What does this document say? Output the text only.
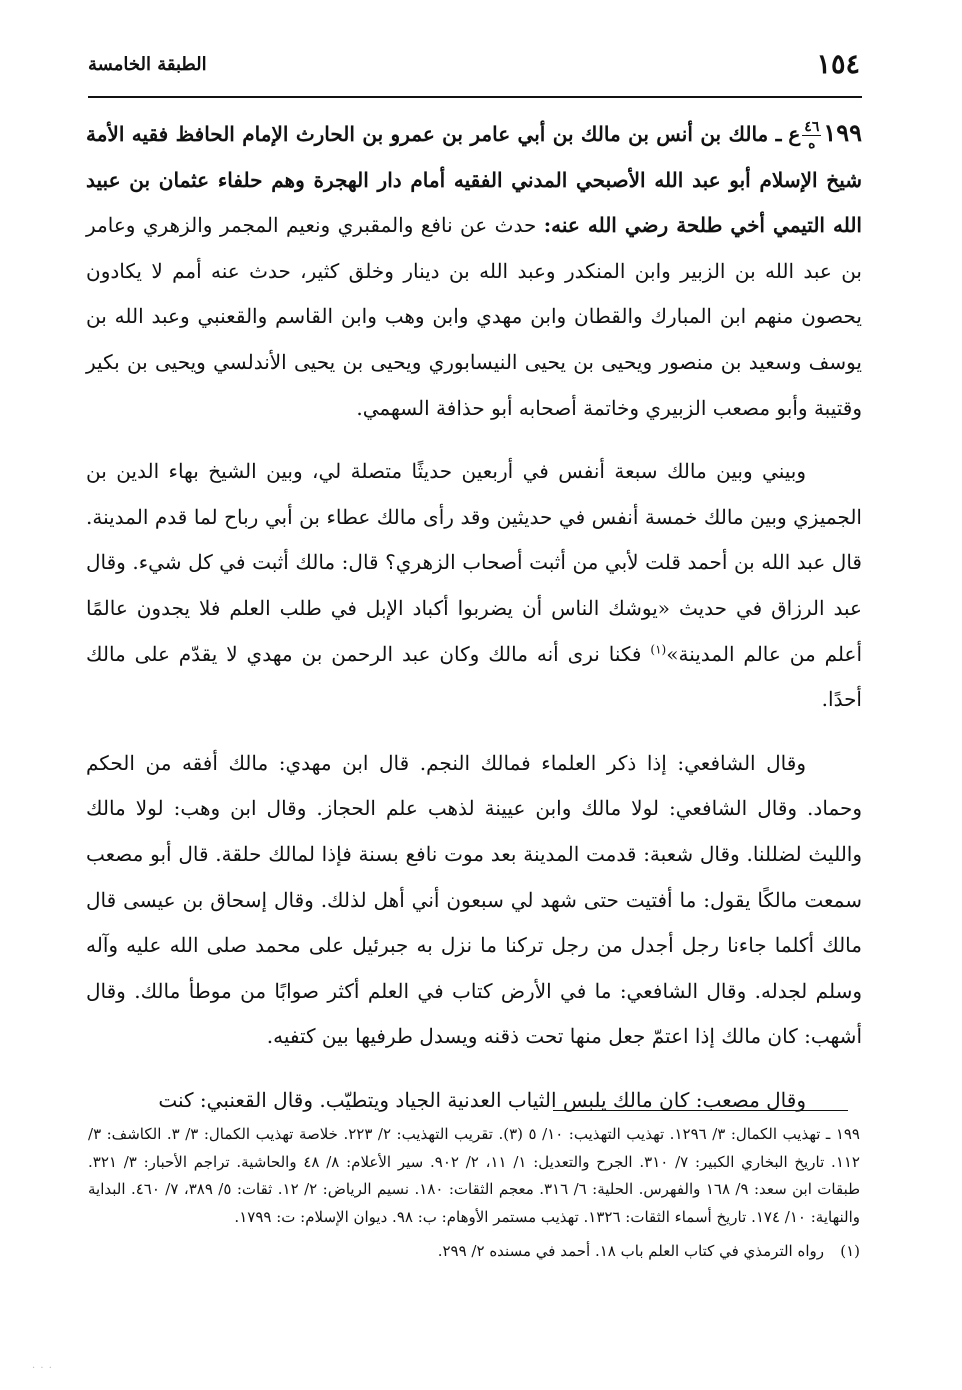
١٥٤
الطبقة الخامسة

١٩٩
$\frac{٤٦}{\text{ه}}$
ع ـ مالك بن أنس بن مالك بن أبي عامر بن عمرو بن الحارث الإمام الحافظ فقيه الأمة شيخ الإسلام أبو عبد الله الأصبحي المدني الفقيه أمام دار الهجرة وهم حلفاء عثمان بن عبيد الله التيمي أخي طلحة رضي الله عنه: حدث عن نافع والمقبري ونعيم المجمر والزهري وعامر بن عبد الله بن الزبير وابن المنكدر وعبد الله بن دينار وخلق كثير، حدث عنه أمم لا يكادون يحصون منهم ابن المبارك والقطان وابن مهدي وابن وهب وابن القاسم والقعنبي وعبد الله بن يوسف وسعيد بن منصور ويحيى بن يحيى النيسابوري ويحيى بن يحيى الأندلسي ويحيى بن بكير وقتيبة وأبو مصعب الزبيري وخاتمة أصحابه أبو حذافة السهمي.

وبيني وبين مالك سبعة أنفس في أربعين حديثًا متصلة لي، وبين الشيخ بهاء الدين بن الجميزي وبين مالك خمسة أنفس في حديثين وقد رأى مالك عطاء بن أبي رباح لما قدم المدينة. قال عبد الله بن أحمد قلت لأبي من أثبت أصحاب الزهري؟ قال: مالك أثبت في كل شيء. وقال عبد الرزاق في حديث «يوشك الناس أن يضربوا أكباد الإبل في طلب العلم فلا يجدون عالمًا أعلم من عالم المدينة»$^{(١)}$ فكنا نرى أنه مالك وكان عبد الرحمن بن مهدي لا يقدّم على مالك أحدًا.

وقال الشافعي: إذا ذكر العلماء فمالك النجم. قال ابن مهدي: مالك أفقه من الحكم وحماد. وقال الشافعي: لولا مالك وابن عيينة لذهب علم الحجاز. وقال ابن وهب: لولا مالك والليث لضللنا. وقال شعبة: قدمت المدينة بعد موت نافع بسنة فإذا لمالك حلقة. قال أبو مصعب سمعت مالكًا يقول: ما أفتيت حتى شهد لي سبعون أني أهل لذلك. وقال إسحاق بن عيسى قال مالك أكلما جاءنا رجل أجدل من رجل تركنا ما نزل به جبرئيل على محمد صلى الله عليه وآله وسلم لجدله. وقال الشافعي: ما في الأرض كتاب في العلم أكثر صوابًا من موطأ مالك. وقال أشهب: كان مالك إذا اعتمّ جعل منها تحت ذقنه ويسدل طرفيها بين كتفيه.

وقال مصعب: كان مالك يلبس الثياب العدنية الجياد ويتطيّب. وقال القعنبي: كنت

١٩٩ ـ تهذيب الكمال: ٣/ ١٢٩٦. تهذيب التهذيب: ١٠/ ٥ (٣). تقريب التهذيب: ٢/ ٢٢٣. خلاصة تهذيب الكمال: ٣/ ٣. الكاشف: ٣/ ١١٢. تاريخ البخاري الكبير: ٧/ ٣١٠. الجرح والتعديل: ١/ ١١، ٢/ ٩٠٢. سير الأعلام: ٨/ ٤٨ والحاشية. تراجم الأحبار: ٣/ ٣٢١. طبقات ابن سعد: ٩/ ١٦٨ والفهرس. الحلية: ٦/ ٣١٦. معجم الثقات: ١٨٠. نسيم الرياض: ٢/ ١٢. ثقات: ٥/ ٣٨٩، ٧/ ٤٦٠. البداية والنهاية: ١٠/ ١٧٤. تاريخ أسماء الثقات: ١٣٢٦. تهذيب مستمر الأوهام: ب: ٩٨. ديوان الإسلام: ت: ١٧٩٩.

(١)رواه الترمذي في كتاب العلم باب ١٨. أحمد في مسنده ٢/ ٢٩٩.

· · ·
